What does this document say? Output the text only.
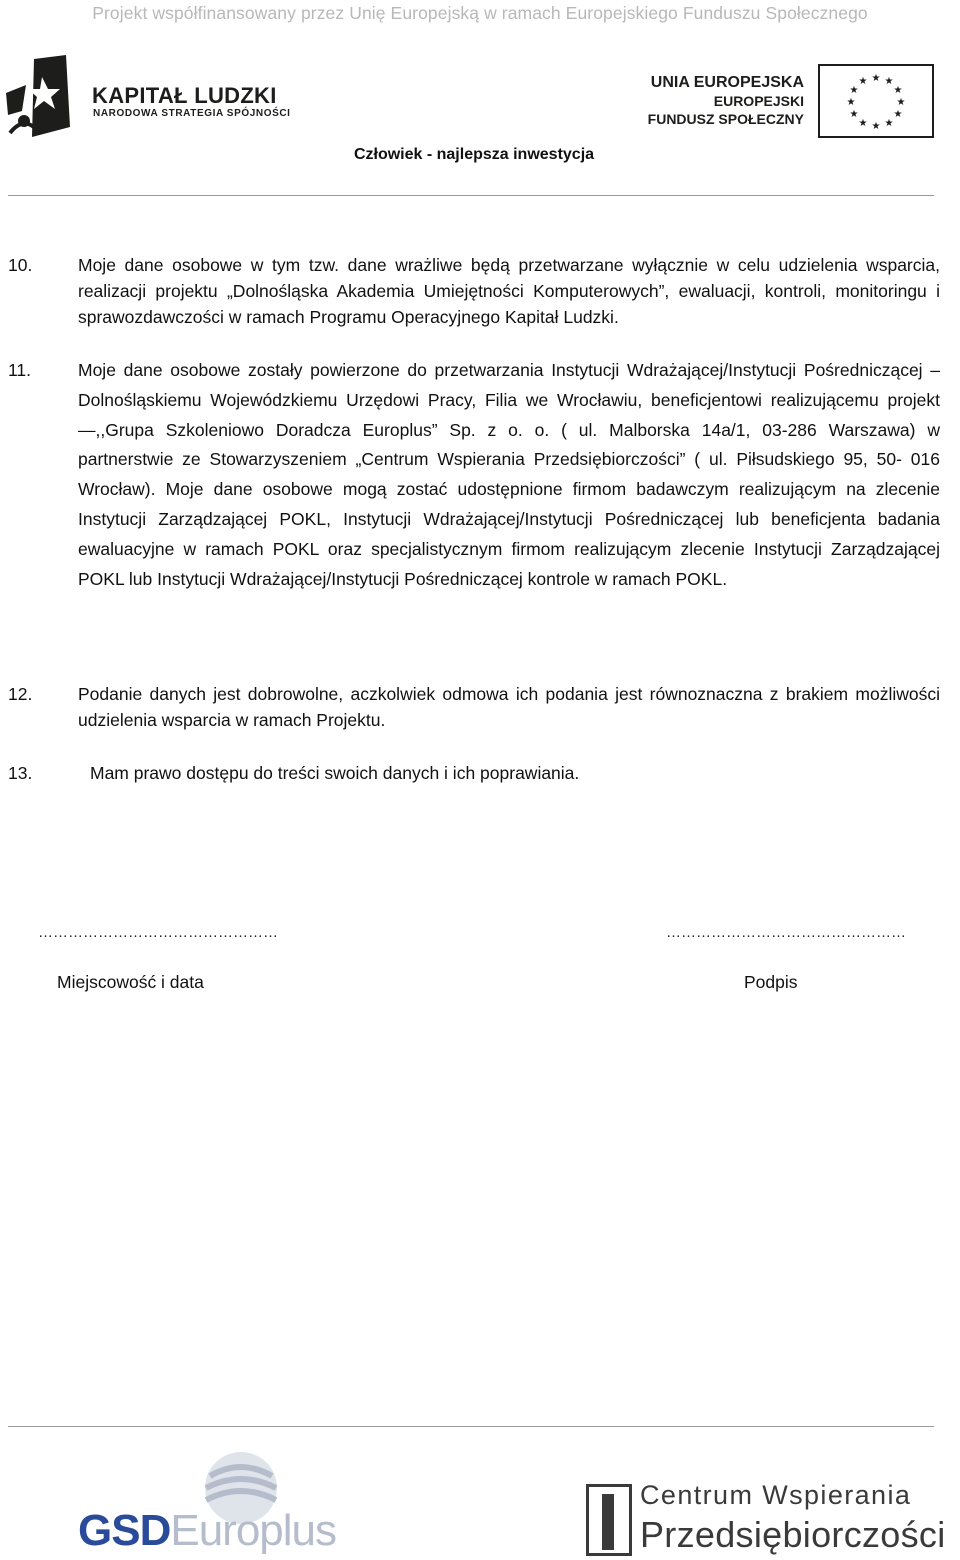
Projekt współfinansowany przez Unię Europejską w ramach Europejskiego Funduszu Społecznego
KAPITAŁ LUDZKI
NARODOWA STRATEGIA SPÓJNOŚCI
UNIA EUROPEJSKA
EUROPEJSKI
FUNDUSZ SPOŁECZNY
★ ★
★
★
★
★
★
★
★
★
★
★
Człowiek - najlepsza inwestycja
10.	Moje dane osobowe w tym tzw. dane wrażliwe będą przetwarzane wyłącznie w celu udzielenia wsparcia, realizacji projektu „Dolnośląska Akademia Umiejętności Komputerowych”, ewaluacji, kontroli, monitoringu i sprawozdawczości w ramach Programu Operacyjnego Kapitał Ludzki.
11.	Moje dane osobowe zostały powierzone do przetwarzania Instytucji Wdrażającej/Instytucji Pośredniczącej – Dolnośląskiemu Wojewódzkiemu Urzędowi Pracy, Filia we Wrocławiu, beneficjentowi realizującemu projekt —,,Grupa Szkoleniowo Doradcza Europlus” Sp. z o. o. ( ul. Malborska 14a/1, 03-286 Warszawa) w partnerstwie ze Stowarzyszeniem „Centrum Wspierania Przedsiębiorczości” ( ul. Piłsudskiego 95, 50- 016 Wrocław). Moje dane osobowe mogą zostać udostępnione firmom badawczym realizującym na zlecenie Instytucji Zarządzającej POKL, Instytucji Wdrażającej/Instytucji Pośredniczącej lub beneficjenta badania ewaluacyjne w ramach POKL oraz specjalistycznym firmom realizującym zlecenie Instytucji Zarządzającej POKL lub Instytucji Wdrażającej/Instytucji Pośredniczącej kontrole w ramach POKL.
12.	Podanie danych jest dobrowolne, aczkolwiek odmowa ich podania jest równoznaczna z brakiem możliwości udzielenia wsparcia w ramach Projektu.
13.	Mam prawo dostępu do treści swoich danych i ich poprawiania.
…………………………………………	…………………………………………
Miejscowość i data	Podpis
GSDEuroplus
Centrum Wspierania
Przedsiębiorczości
